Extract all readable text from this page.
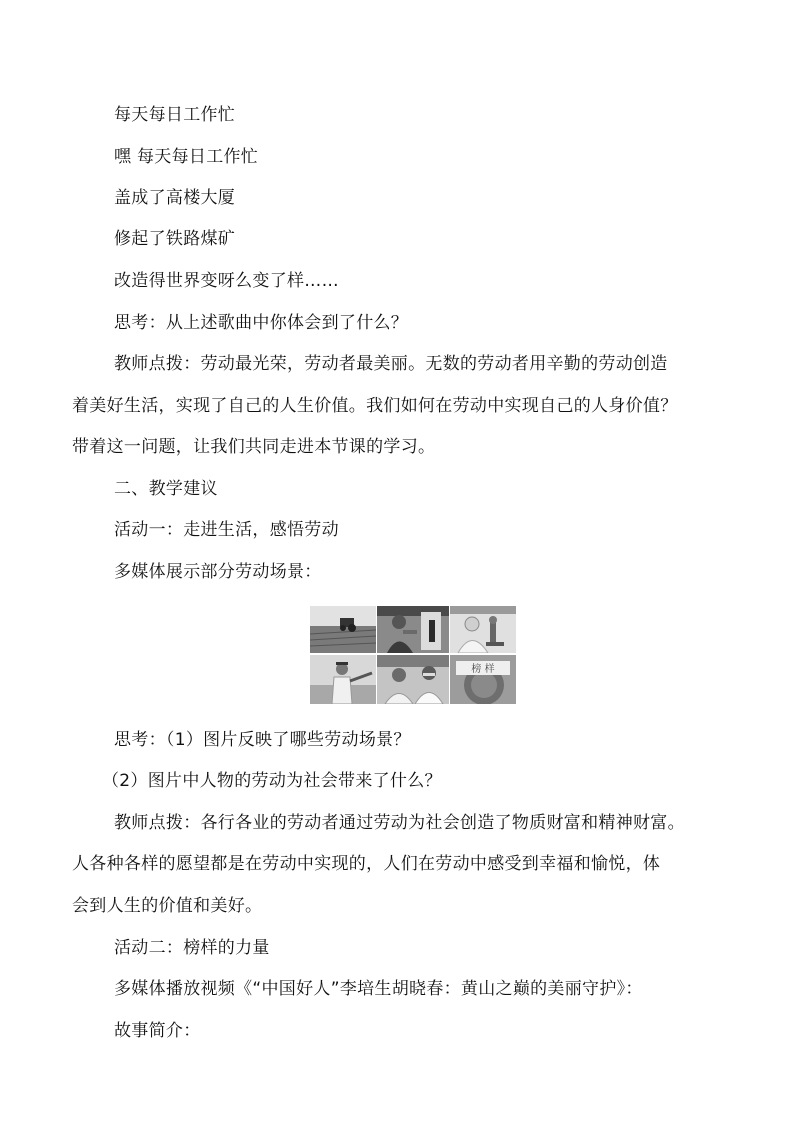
每天每日工作忙
嘿 每天每日工作忙
盖成了高楼大厦
修起了铁路煤矿
改造得世界变呀么变了样……
思考：从上述歌曲中你体会到了什么？
教师点拨：劳动最光荣，劳动者最美丽。无数的劳动者用辛勤的劳动创造
着美好生活，实现了自己的人生价值。我们如何在劳动中实现自己的人身价值？
带着这一问题，让我们共同走进本节课的学习。
二、教学建议
活动一：走进生活，感悟劳动
多媒体展示部分劳动场景：
榜 样
思考：（1）图片反映了哪些劳动场景？
（2）图片中人物的劳动为社会带来了什么？
教师点拨：各行各业的劳动者通过劳动为社会创造了物质财富和精神财富。
人各种各样的愿望都是在劳动中实现的，人们在劳动中感受到幸福和愉悦，体
会到人生的价值和美好。
活动二：榜样的力量
多媒体播放视频《“中国好人”李培生胡晓春：黄山之巅的美丽守护》：
故事简介：
